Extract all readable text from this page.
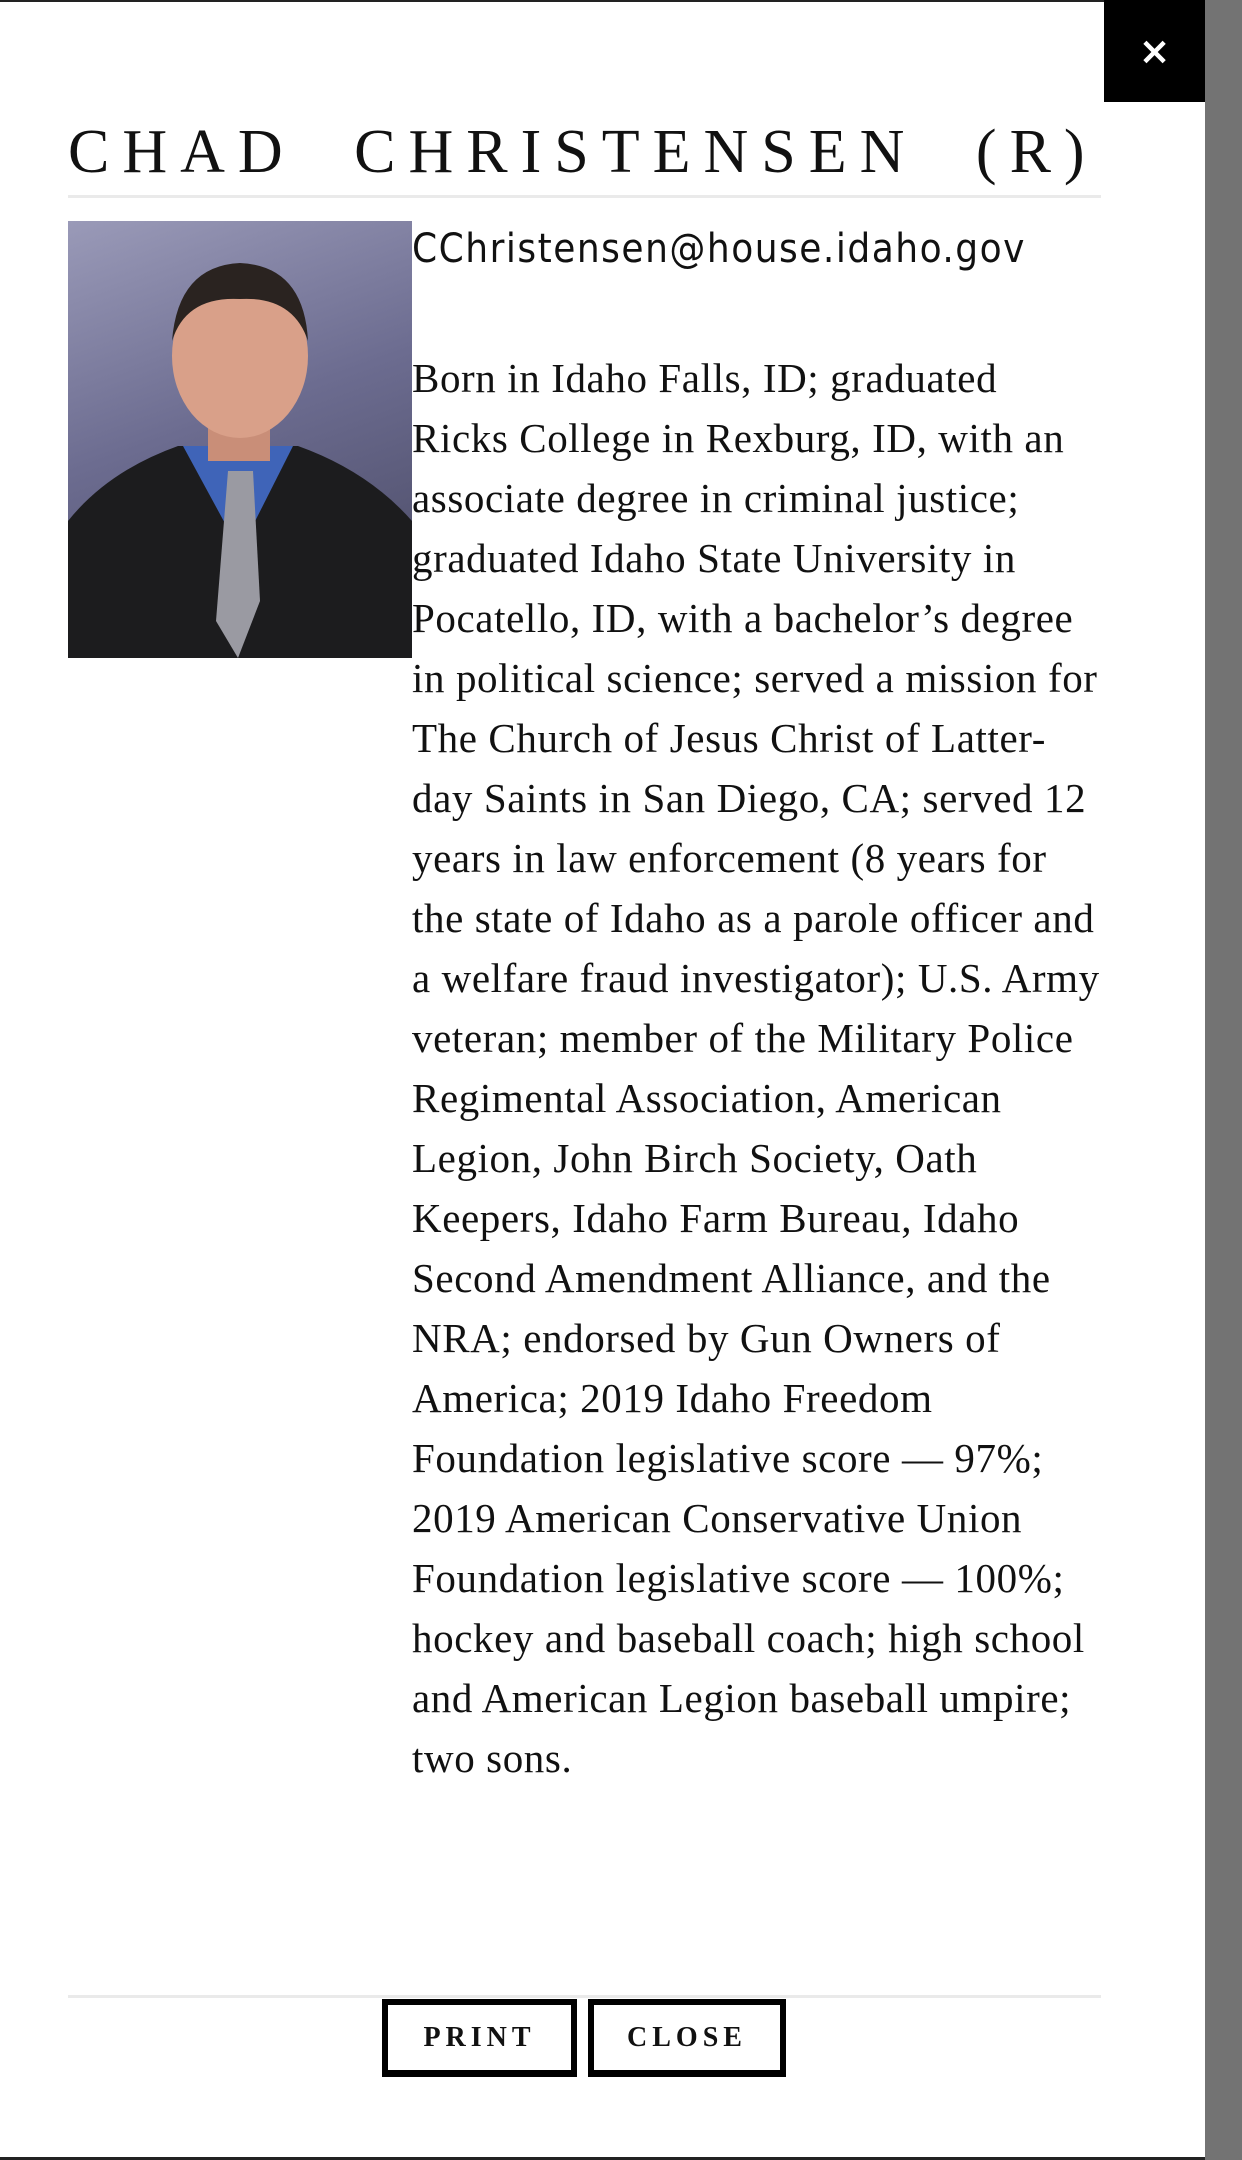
×
CHAD CHRISTENSEN (R)
CChristensen@house.idaho.gov

Born in Idaho Falls, ID; graduated Ricks College in Rexburg, ID, with an associate degree in criminal justice; graduated Idaho State University in Pocatello, ID, with a bachelor’s degree in political science; served a mission for The Church of Jesus Christ of Latter-day Saints in San Diego, CA; served 12 years in law enforcement (8 years for the state of Idaho as a parole officer and a welfare fraud investigator); U.S. Army veteran; member of the Military Police Regimental Association, American Legion, John Birch Society, Oath Keepers, Idaho Farm Bureau, Idaho Second Amendment Alliance, and the NRA; endorsed by Gun Owners of America; 2019 Idaho Freedom Foundation legislative score — 97%; 2019 American Conservative Union Foundation legislative score — 100%; hockey and baseball coach; high school and American Legion baseball umpire; two sons.

PRINT	CLOSE
